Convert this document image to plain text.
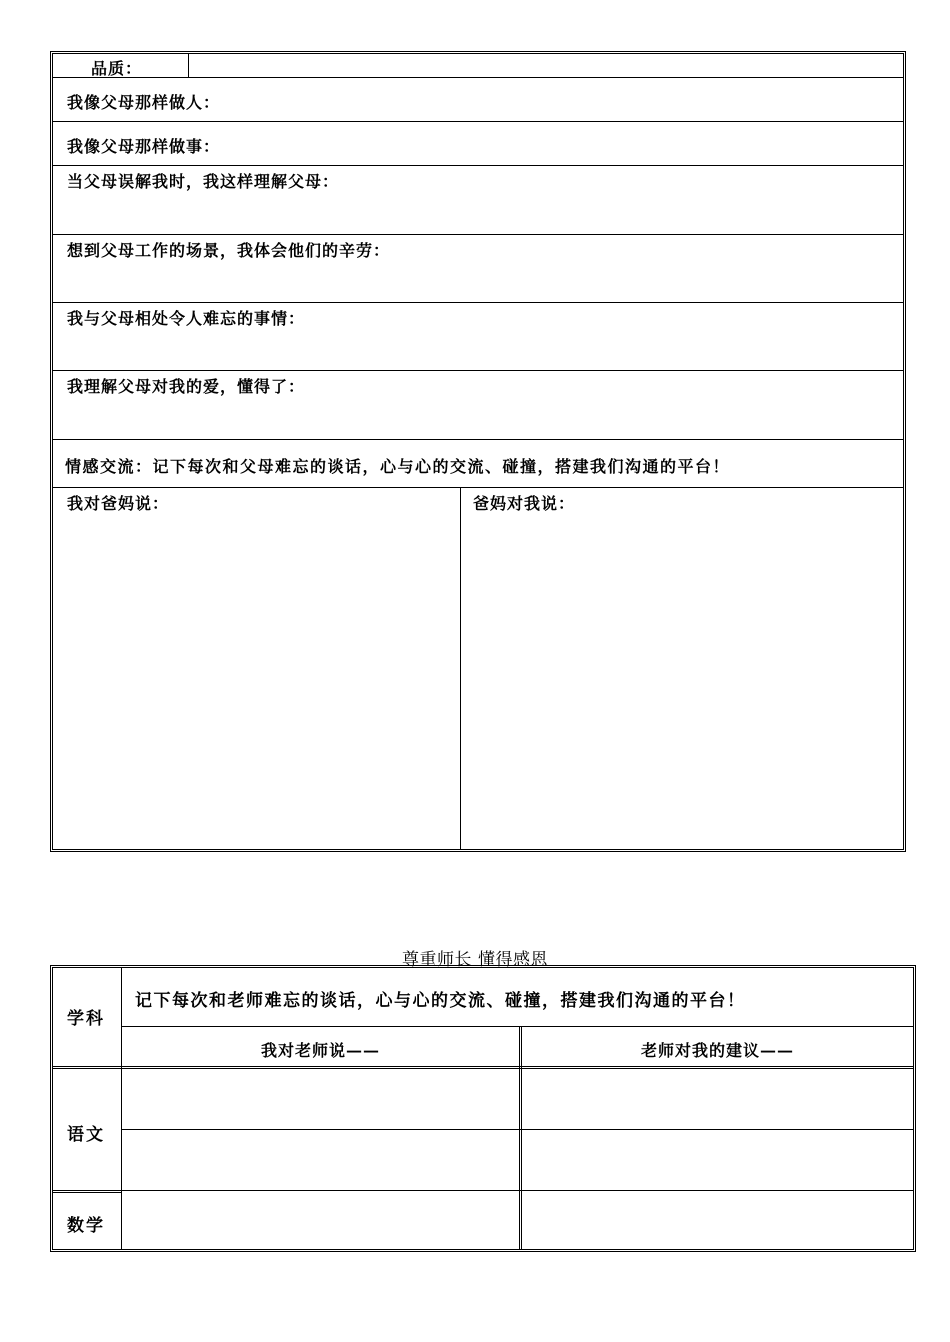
品质：
我像父母那样做人：
我像父母那样做事：
当父母误解我时，我这样理解父母：
想到父母工作的场景，我体会他们的辛劳：
我与父母相处令人难忘的事情：
我理解父母对我的爱，懂得了：
情感交流：记下每次和父母难忘的谈话，心与心的交流、碰撞，搭建我们沟通的平台！
我对爸妈说：	爸妈对我说：
尊重师长 懂得感恩
学科
记下每次和老师难忘的谈话，心与心的交流、碰撞，搭建我们沟通的平台！
我对老师说——	老师对我的建议——
语文
数学
